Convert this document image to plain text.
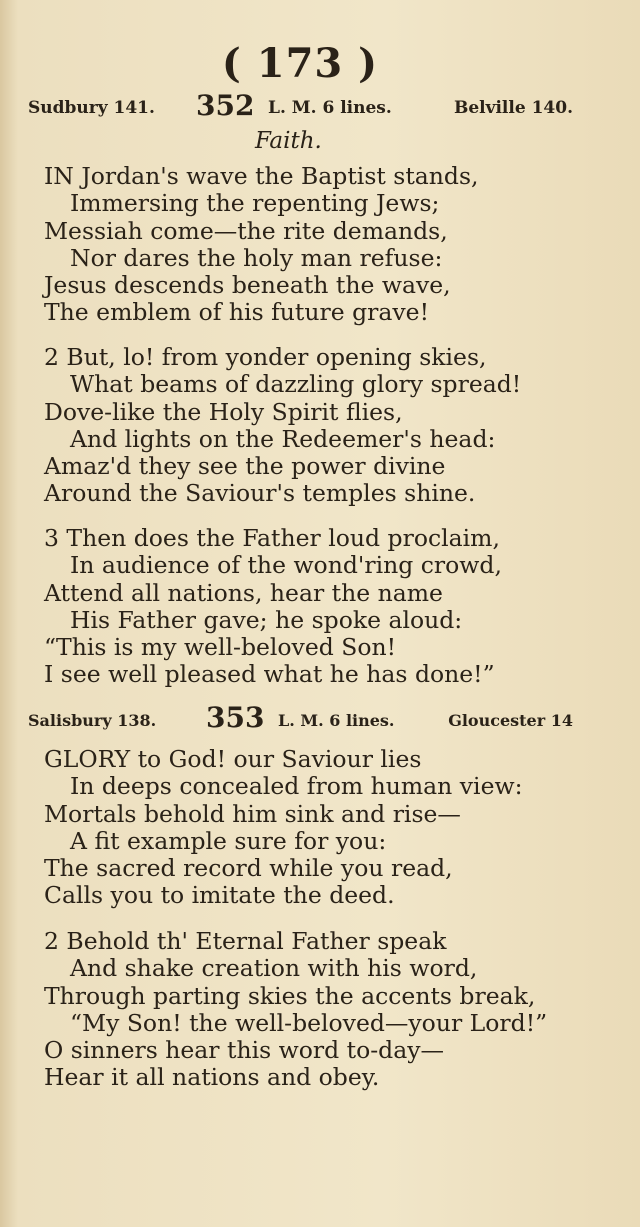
( 173 )
Sudbury 141. 352 L. M. 6 lines.	Belville 140.
Faith.
IN Jordan's wave the Baptist stands,
Immersing the repenting Jews;
Messiah come—the rite demands,
Nor dares the holy man refuse:
Jesus descends beneath the wave,
The emblem of his future grave!
2 But, lo! from yonder opening skies,
What beams of dazzling glory spread!
Dove-like the Holy Spirit flies,
And lights on the Redeemer's head:
Amaz'd they see the power divine
Around the Saviour's temples shine.
3 Then does the Father loud proclaim,
In audience of the wond'ring crowd,
Attend all nations, hear the name
His Father gave; he spoke aloud:
“This is my well-beloved Son!
I see well pleased what he has done!”
Salisbury 138. 353 L. M. 6 lines.	Gloucester 14
GLORY to God! our Saviour lies
In deeps concealed from human view:
Mortals behold him sink and rise—
A fit example sure for you:
The sacred record while you read,
Calls you to imitate the deed.
2 Behold th' Eternal Father speak
And shake creation with his word,
Through parting skies the accents break,
“My Son! the well-beloved—your Lord!”
O sinners hear this word to-day—
Hear it all nations and obey.
